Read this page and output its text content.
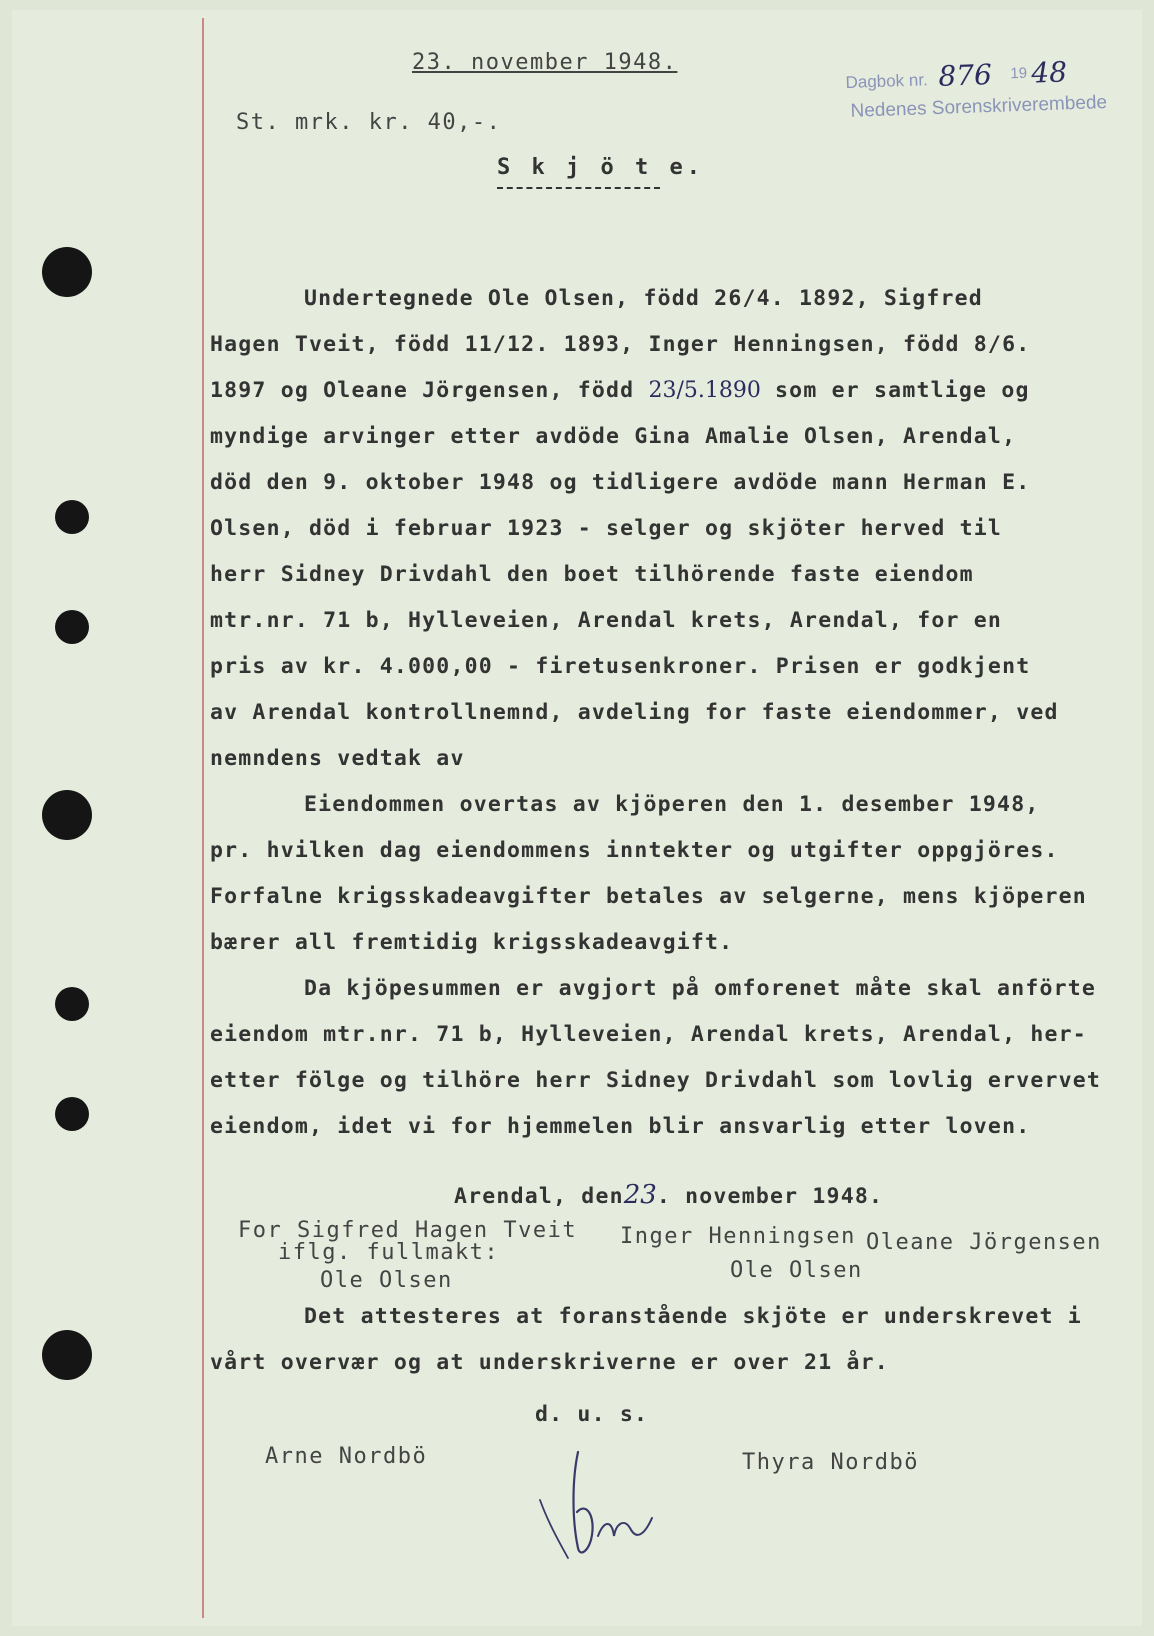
23. november 1948.
St. mrk. kr. 40,-.
Dagbok nr. 876 19 48
Nedenes Sorenskriverembede
S k j ö t e.
Undertegnede Ole Olsen, född 26/4. 1892, Sigfred
Hagen Tveit, född 11/12. 1893, Inger Henningsen, född 8/6.
1897 og Oleane Jörgensen, född 23/5.1890 som er samtlige og
myndige arvinger etter avdöde Gina Amalie Olsen, Arendal,
död den 9. oktober 1948 og tidligere avdöde mann Herman E.
Olsen, död i februar 1923 - selger og skjöter herved til
herr Sidney Drivdahl den boet tilhörende faste eiendom
mtr.nr. 71 b, Hylleveien, Arendal krets, Arendal, for en
pris av kr. 4.000,00 - firetusenkroner. Prisen er godkjent
av Arendal kontrollnemnd, avdeling for faste eiendommer, ved
nemndens vedtak av
Eiendommen overtas av kjöperen den 1. desember 1948,
pr. hvilken dag eiendommens inntekter og utgifter oppgjöres.
Forfalne krigsskadeavgifter betales av selgerne, mens kjöperen
bærer all fremtidig krigsskadeavgift.
Da kjöpesummen er avgjort på omforenet måte skal anförte
eiendom mtr.nr. 71 b, Hylleveien, Arendal krets, Arendal, her-
etter fölge og tilhöre herr Sidney Drivdahl som lovlig ervervet
eiendom, idet vi for hjemmelen blir ansvarlig etter loven.
Arendal, den23. november 1948.
For Sigfred Hagen Tveit
iflg. fullmakt:
Ole Olsen
Inger Henningsen
Ole Olsen
Oleane Jörgensen
Det attesteres at foranstående skjöte er underskrevet i
vårt overvær og at underskriverne er over 21 år.
d. u. s.
Arne Nordbö	Thyra Nordbö
